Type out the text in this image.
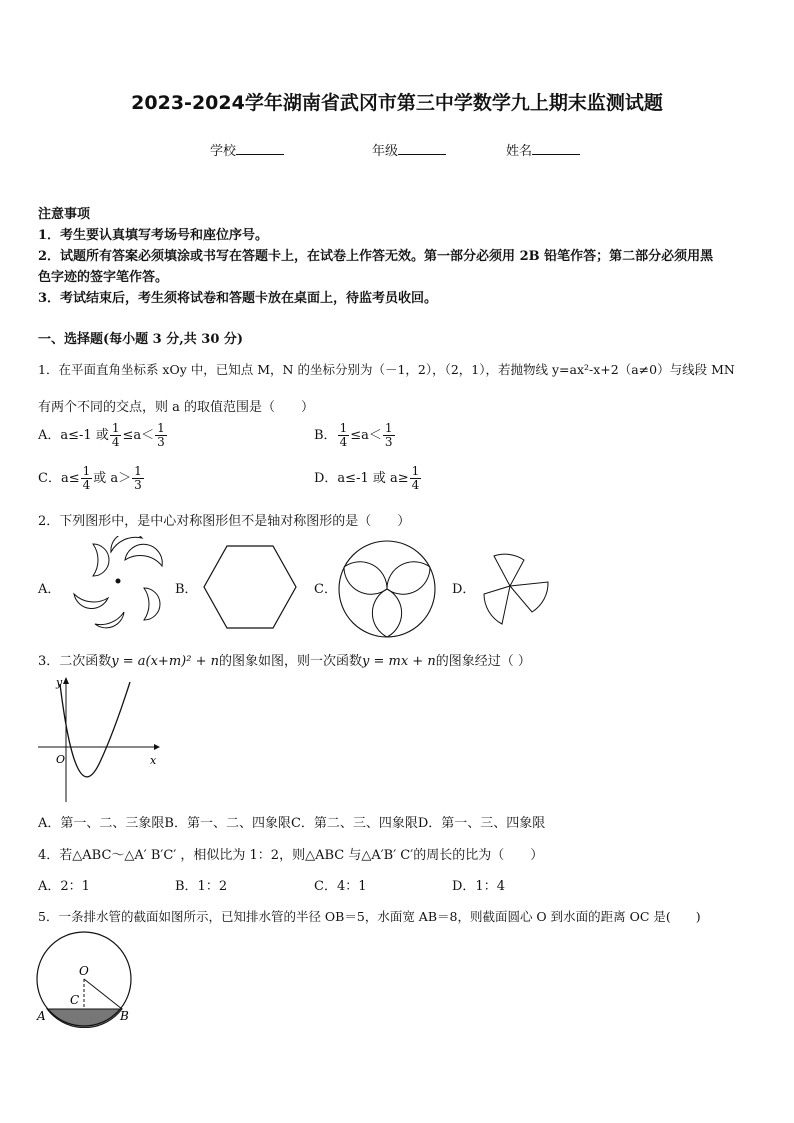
2023-2024学年湖南省武冈市第三中学数学九上期末监测试题
学校	年级	姓名
注意事项
1．考生要认真填写考场号和座位序号。
2．试题所有答案必须填涂或书写在答题卡上，在试卷上作答无效。第一部分必须用 2B 铅笔作答；第二部分必须用黑
色字迹的签字笔作答。
3．考试结束后，考生须将试卷和答题卡放在桌面上，待监考员收回。
一、选择题(每小题 3 分,共 30 分)
1．在平面直角坐标系 xOy 中，已知点 M，N 的坐标分别为（－1，2），（2，1），若抛物线 y=ax²-x+2（a≠0）与线段 MN
有两个不同的交点，则 a 的取值范围是（　　）
A．a≤-1 或 $\frac{1}{4} \le a< \frac{1}{3}$	B． $\frac{1}{4} \le a< \frac{1}{3}$
C．$a\le \frac{1}{4}$ 或 $a> \frac{1}{3}$	D．a≤-1 或 $a\ge \frac{1}{4}$
2．下列图形中，是中心对称图形但不是轴对称图形的是（　　）
A．	B．	C．	D．
3．二次函数y = a(x+m)² + n的图象如图，则一次函数y = mx + n的图象经过（ ）
y
O	x
A．第一、二、三象限B．第一、二、四象限C．第二、三、四象限D．第一、三、四象限
4．若△ABC～△A′ B′C′ ，相似比为 1：2，则△ABC 与△A′B′ C′的周长的比为（　　）
A．2：1	B．1：2	C．4：1	D．1：4
5．一条排水管的截面如图所示，已知排水管的半径 OB＝5，水面宽 AB＝8，则截面圆心 O 到水面的距离 OC 是(　　)
O
C
A	B
